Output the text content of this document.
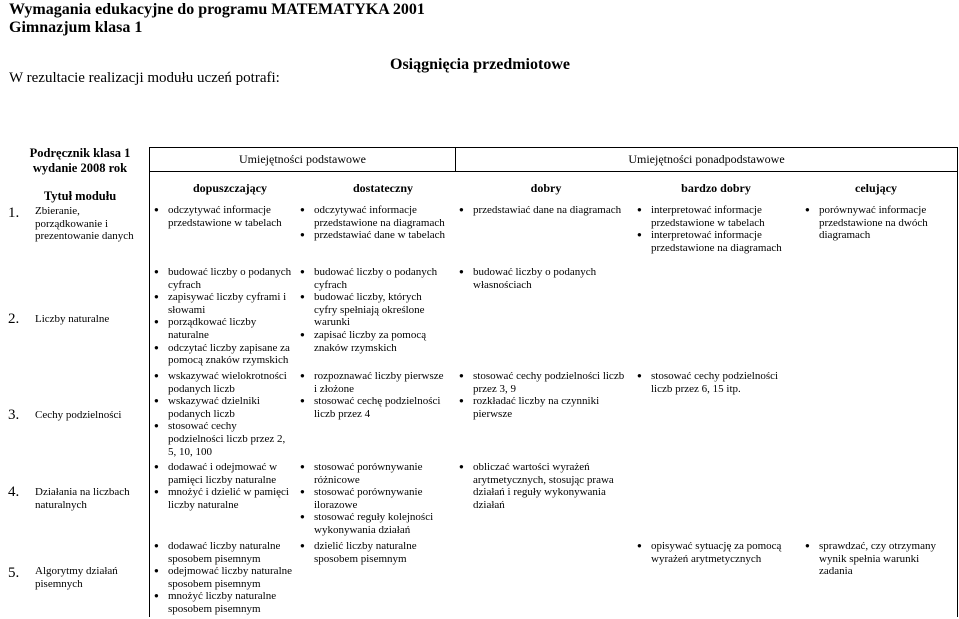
Wymagania edukacyjne do programu MATEMATYKA 2001
Gimnazjum klasa 1
W rezultacie realizacji modułu uczeń potrafi:
Osiągnięcia przedmiotowe
Podręcznik klasa 1
wydanie 2008 rok
Tytuł modułu
Umiejętności podstawowe	Umiejętności ponadpodstawowe
dopuszczający	dostateczny	dobry	bardzo dobry	celujący
1. Zbieranie, porządkowanie i prezentowanie danych
2. Liczby naturalne
3. Cechy podzielności
4. Działania na liczbach naturalnych
5. Algorytmy działań pisemnych
● odczytywać informacje przedstawione w tabelach
● odczytywać informacje przedstawione na diagramach
● przedstawiać dane w tabelach
● przedstawiać dane na diagramach
●	interpretować informacje przedstawione w tabelach
● interpretować informacje przedstawione na diagramach
● porównywać informacje przedstawione na dwóch diagramach
● budować liczby o podanych cyfrach
● zapisywać liczby cyframi i słowami
● porządkować liczby naturalne
● odczytać liczby zapisane za pomocą znaków rzymskich
● budować liczby o podanych cyfrach
● budować liczby, których cyfry spełniają określone warunki
● zapisać liczby za pomocą znaków rzymskich
● budować liczby o podanych własnościach
● wskazywać wielokrotności podanych liczb
● wskazywać dzielniki podanych liczb
● stosować cechy podzielności liczb przez 2, 5, 10, 100
● rozpoznawać liczby pierwsze i złożone
● stosować cechę podzielności liczb przez 4
● stosować cechy podzielności liczb przez 3, 9
● rozkładać liczby na czynniki pierwsze
● stosować cechy podzielności liczb przez 6, 15 itp.
● dodawać i odejmować w pamięci liczby naturalne
● mnożyć i dzielić w pamięci liczby naturalne
● stosować porównywanie różnicowe
● stosować porównywanie ilorazowe
● stosować reguły kolejności wykonywania działań
● obliczać wartości wyrażeń arytmetycznych, stosując prawa działań i reguły wykonywania działań
● dodawać liczby naturalne sposobem pisemnym
● odejmować liczby naturalne sposobem pisemnym
● mnożyć liczby naturalne sposobem pisemnym
● dzielić liczby naturalne sposobem pisemnym
● opisywać sytuację za pomocą wyrażeń arytmetycznych
● sprawdzać, czy otrzymany wynik spełnia warunki zadania
